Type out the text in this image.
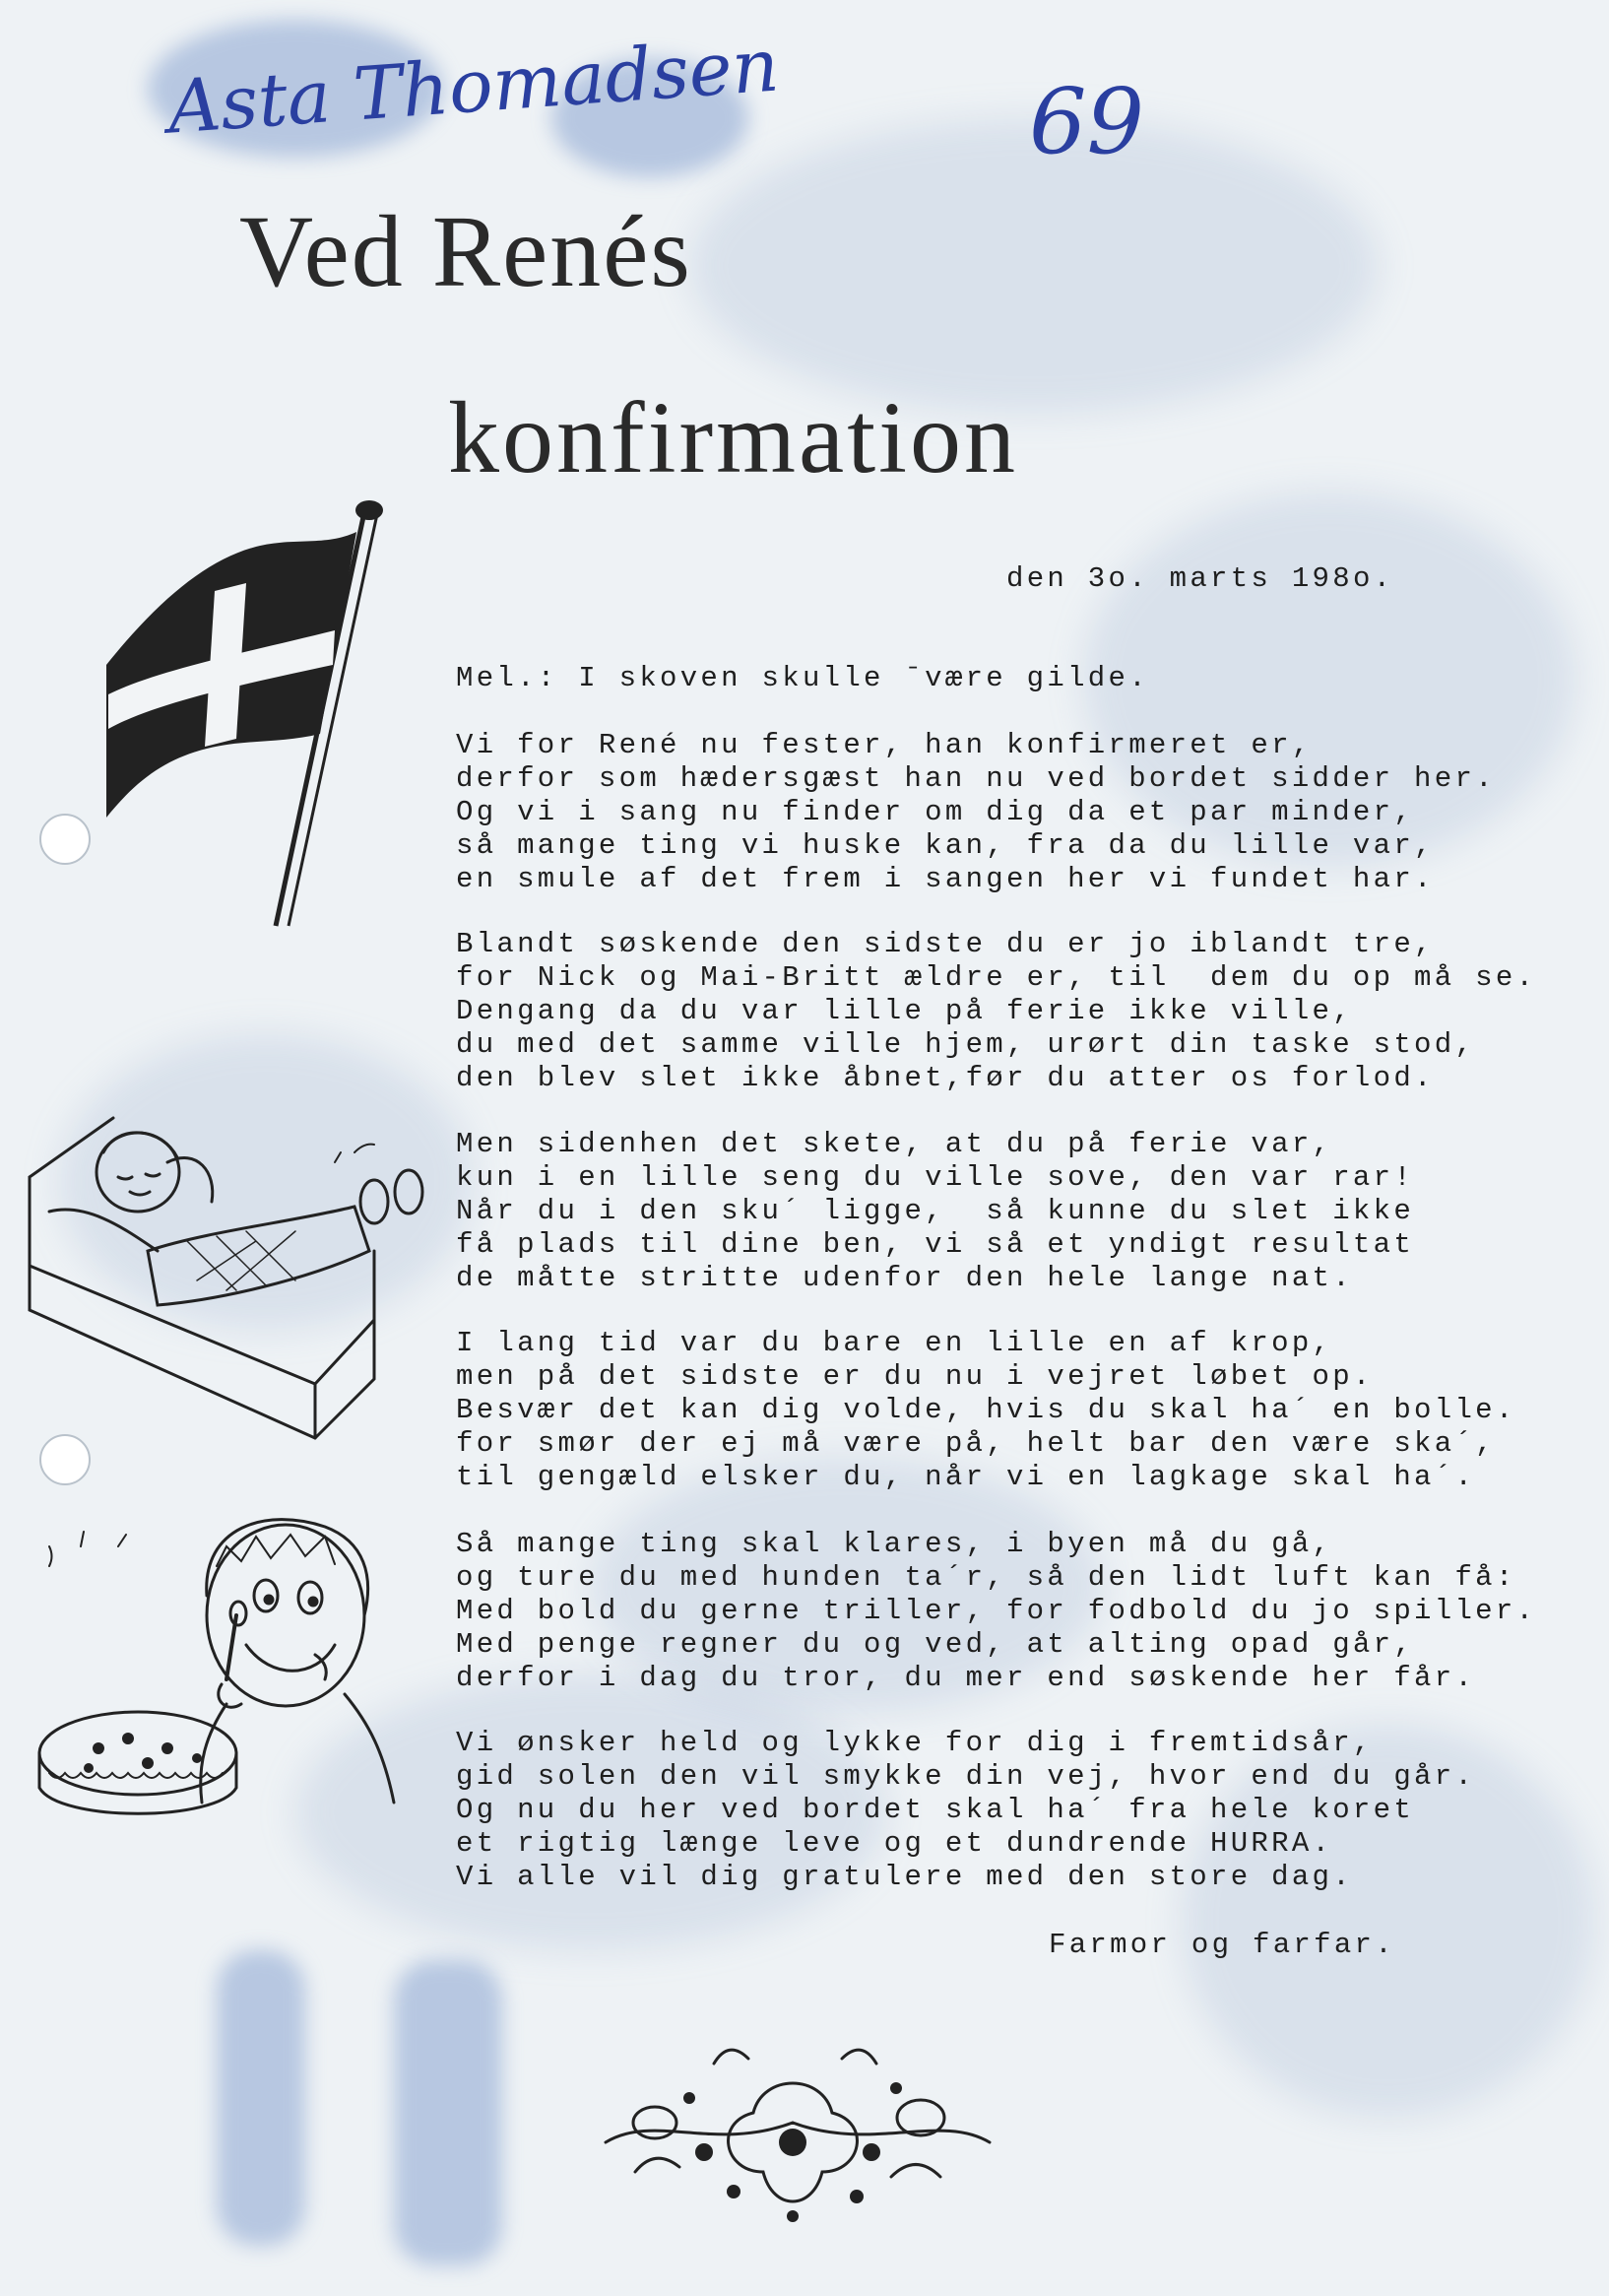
Asta Thomadsen	69
Ved Renés
konfirmation

den 3o. marts 198o.

Mel.: I skoven skulle ˉvære gilde.

Vi for René nu fester, han konfirmeret er,
derfor som hædersgæst han nu ved bordet sidder her.
Og vi i sang nu finder om dig da et par minder,
så mange ting vi huske kan, fra da du lille var,
en smule af det frem i sangen her vi fundet har.
Blandt søskende den sidste du er jo iblandt tre,
for Nick og Mai-Britt ældre er, til  dem du op må se.
Dengang da du var lille på ferie ikke ville,
du med det samme ville hjem, urørt din taske stod,
den blev slet ikke åbnet,før du atter os forlod.
Men sidenhen det skete, at du på ferie var,
kun i en lille seng du ville sove, den var rar!
Når du i den sku´ ligge,  så kunne du slet ikke
få plads til dine ben, vi så et yndigt resultat
de måtte stritte udenfor den hele lange nat.
I lang tid var du bare en lille en af krop,
men på det sidste er du nu i vejret løbet op.
Besvær det kan dig volde, hvis du skal ha´ en bolle.
for smør der ej må være på, helt bar den være ska´,
til gengæld elsker du, når vi en lagkage skal ha´.
Så mange ting skal klares, i byen må du gå,
og ture du med hunden ta´r, så den lidt luft kan få:
Med bold du gerne triller, for fodbold du jo spiller.
Med penge regner du og ved, at alting opad går,
derfor i dag du tror, du mer end søskende her får.
Vi ønsker held og lykke for dig i fremtidsår,
gid solen den vil smykke din vej, hvor end du går.
Og nu du her ved bordet skal ha´ fra hele koret
et rigtig længe leve og et dundrende HURRA.
Vi alle vil dig gratulere med den store dag.

Farmor og farfar.
